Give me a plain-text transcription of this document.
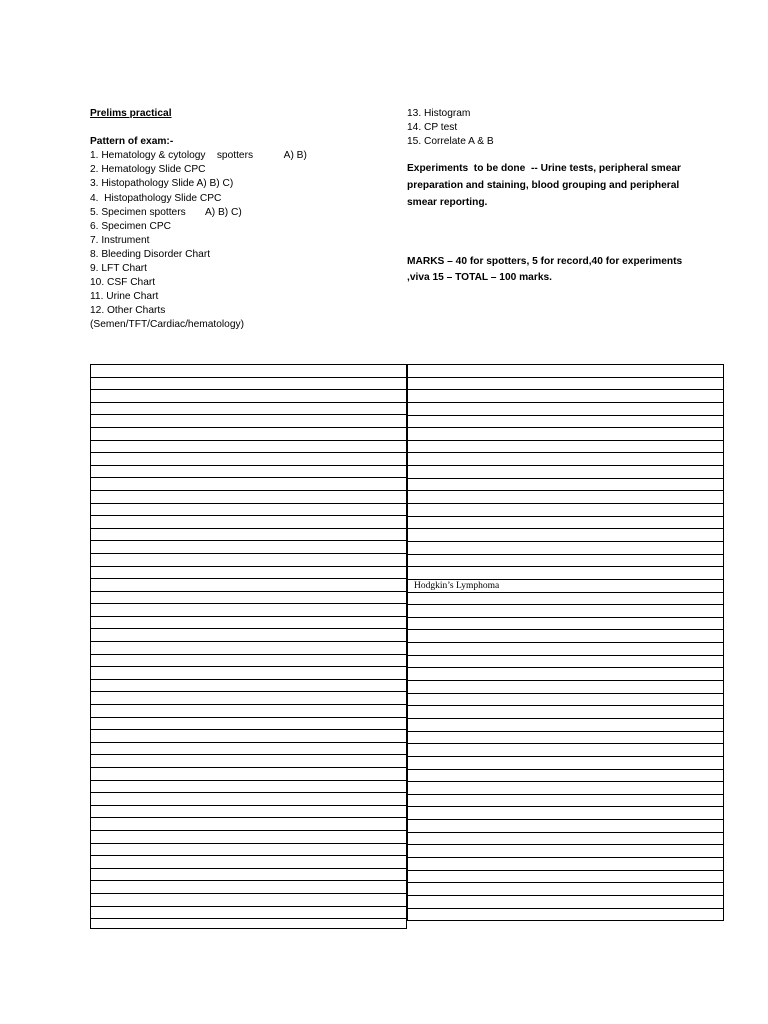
Prelims practical
Pattern of exam:-
1. Hematology & cytology    spotters           A) B)
2. Hematology Slide CPC
3. Histopathology Slide A) B) C)
4.  Histopathology Slide CPC
5. Specimen spotters       A) B) C)
6. Specimen CPC
7. Instrument
8. Bleeding Disorder Chart
9. LFT Chart
10. CSF Chart
11. Urine Chart
12. Other Charts
(Semen/TFT/Cardiac/hematology)
13. Histogram
14. CP test
15. Correlate A & B
Experiments  to be done  -- Urine tests, peripheral smear preparation and staining, blood grouping and peripheral smear reporting.
MARKS – 40 for spotters, 5 for record,40 for experiments ,viva 15 – TOTAL – 100 marks.
Hodgkin’s Lymphoma
